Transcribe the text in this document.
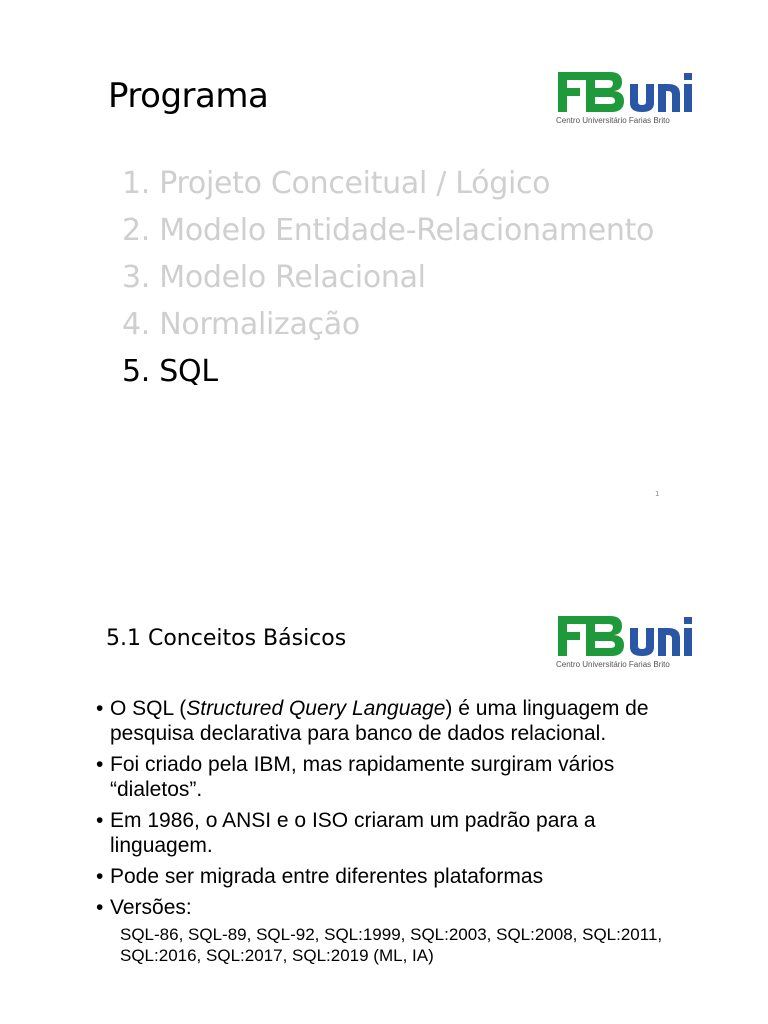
Programa
Centro Universitário Farias Brito
1. Projeto Conceitual / Lógico
2. Modelo Entidade-Relacionamento
3. Modelo Relacional
4. Normalização
5. SQL
1
5.1 Conceitos Básicos
Centro Universitário Farias Brito
• O SQL (Structured Query Language) é uma linguagem de pesquisa declarativa para banco de dados relacional.
• Foi criado pela IBM, mas rapidamente surgiram vários “dialetos”.
• Em 1986, o ANSI e o ISO criaram um padrão para a linguagem.
• Pode ser migrada entre diferentes plataformas
• Versões:
SQL-86, SQL-89, SQL-92, SQL:1999, SQL:2003, SQL:2008, SQL:2011, SQL:2016, SQL:2017, SQL:2019 (ML, IA)
